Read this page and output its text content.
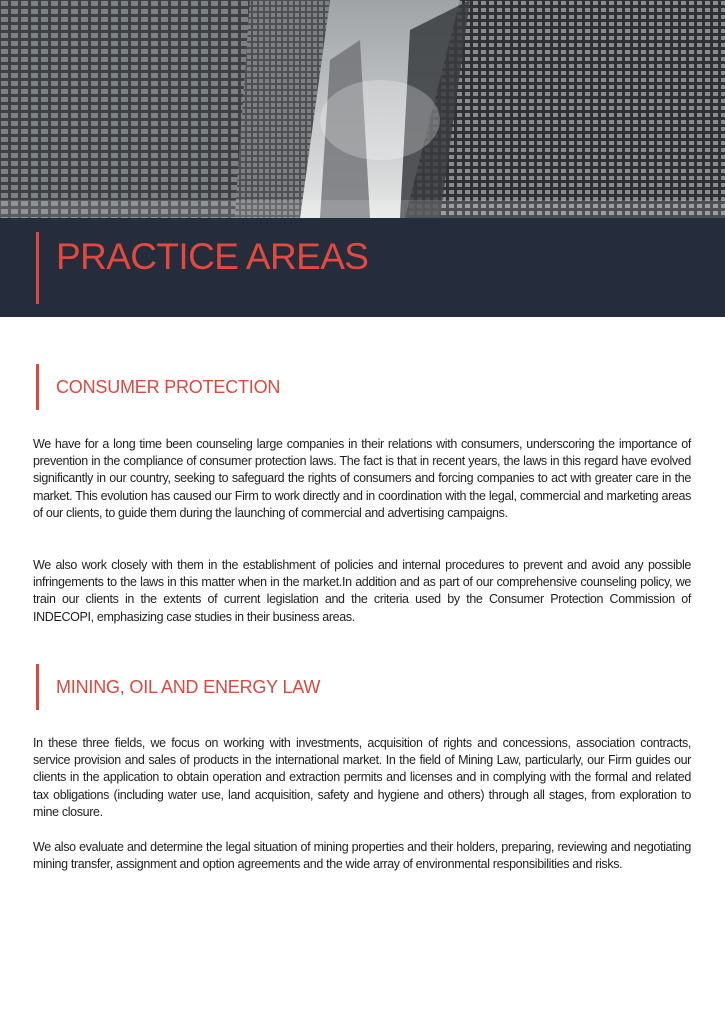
PRACTICE AREAS
CONSUMER PROTECTION

We have for a long time been counseling large companies in their relations with consumers, underscoring the importance of prevention in the compliance of consumer protection laws. The fact is that in recent years, the laws in this regard have evolved significantly in our country, seeking to safeguard the rights of consumers and forcing companies to act with greater care in the market. This evolution has caused our Firm to work directly and in coordination with the legal, commercial and marketing areas of our clients, to guide them during the launching of commercial and advertising campaigns.

We also work closely with them in the establishment of policies and internal procedures to prevent and avoid any possible infringements to the laws in this matter when in the market.In addition and as part of our comprehensive counseling policy, we train our clients in the extents of current legislation and the criteria used by the Consumer Protection Commission of INDECOPI, emphasizing case studies in their business areas.

MINING, OIL AND ENERGY LAW

In these three fields, we focus on working with investments, acquisition of rights and concessions, association contracts, service provision and sales of products in the international market. In the field of Mining Law, particularly, our Firm guides our clients in the application to obtain operation and extraction permits and licenses and in complying with the formal and related tax obligations (including water use, land acquisition, safety and hygiene and others) through all stages, from exploration to mine closure.

We also evaluate and determine the legal situation of mining properties and their holders, preparing, reviewing and negotiating mining transfer, assignment and option agreements and the wide array of environmental responsibilities and risks.
